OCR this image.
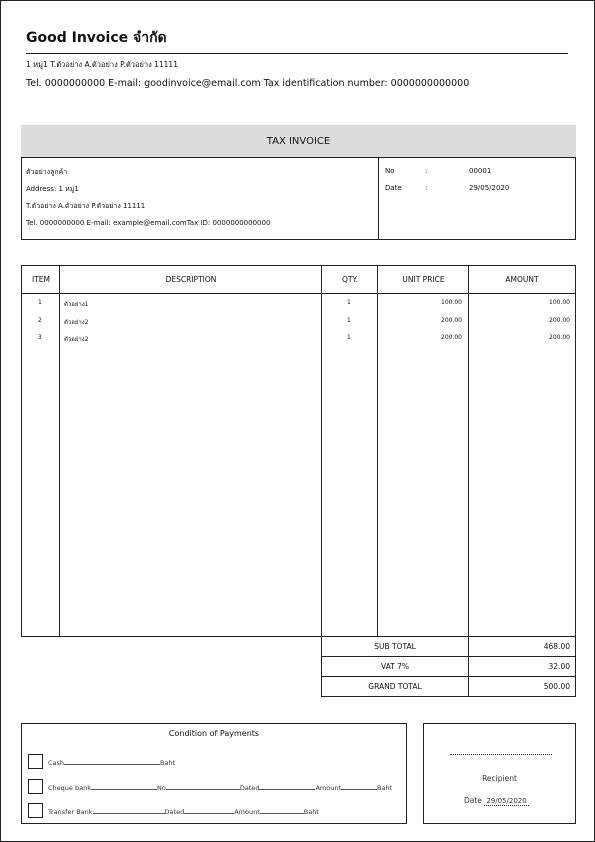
Good Invoice จำกัด
1 หมู่1 T.ตัวอย่าง A.ตัวอย่าง P.ตัวอย่าง 11111
Tel. 0000000000 E-mail: goodinvoice@email.com Tax identification number: 0000000000000
TAX INVOICE
ตัวอย่างลูกค้า
Address: 1 หมู่1
T.ตัวอย่าง A.ตัวอย่าง P.ตัวอย่าง 11111
Tel. 0000000000 E-mail: example@email.comTax ID: 0000000000000
No	:	00001
Date	:	29/05/2020
ITEM	DESCRIPTION	QTY.	UNIT PRICE	AMOUNT
1	ตัวอย่าง1	1	100.00	100.00
2	ตัวอย่าง2	1	200.00	200.00
3	ตัวอย่าง2	1	200.00	200.00
SUB TOTAL	468.00
VAT 7%	32.00
GRAND TOTAL	500.00
Condition of Payments
Cash	Baht
Cheque bank	No	Dated	Amount	Baht
Transfer Bank	Dated	Amount	Baht
Recipient
Date 29/05/2020
